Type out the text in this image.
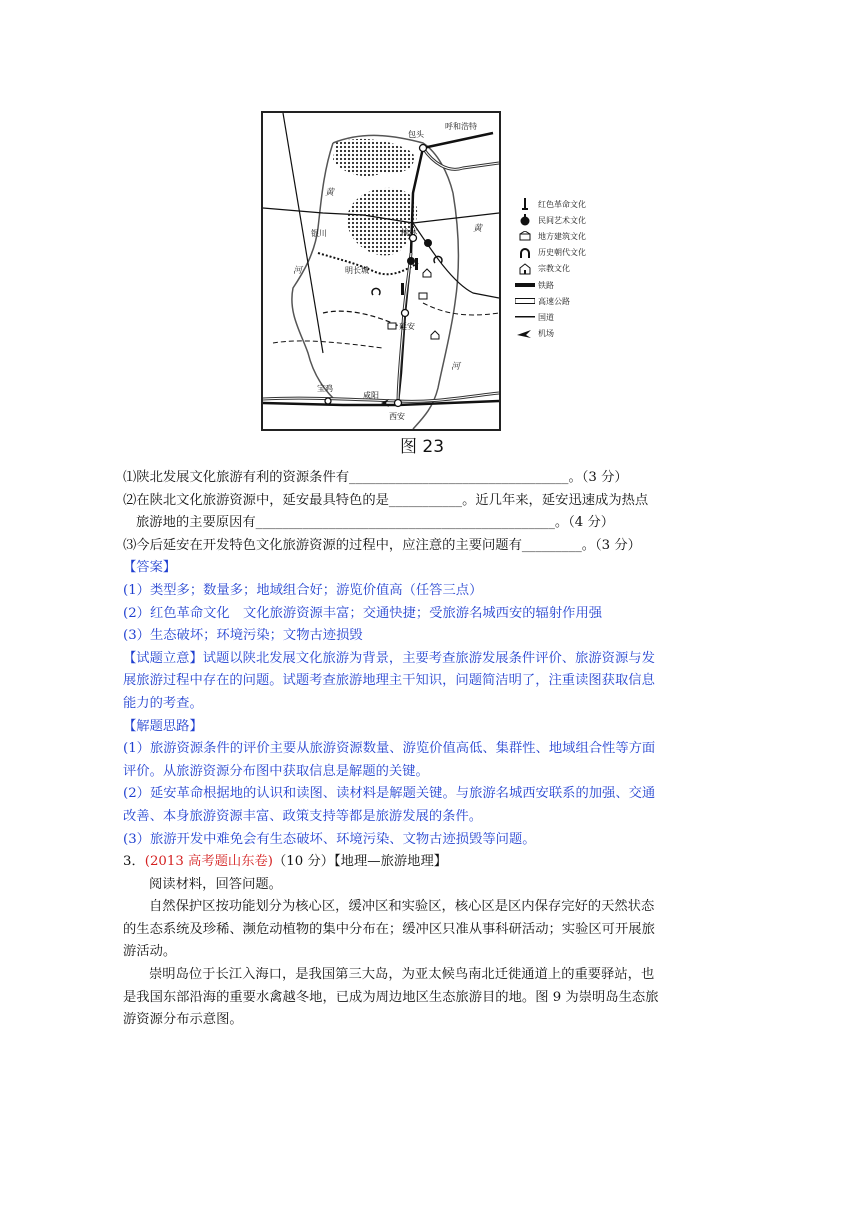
包头
呼和浩特
银川	榆林
延安
宝鸡
咸阳
西安
黄
河
黄
河
明长城
红色革命文化
民间艺术文化
地方建筑文化
历史朝代文化
宗教文化
铁路
高速公路
国道
机场
图 23
⑴陕北发展文化旅游有利的资源条件有_________________________________。（3 分）
⑵在陕北文化旅游资源中，延安最具特色的是___________。近几年来，延安迅速成为热点
旅游地的主要原因有_____________________________________________。（4 分）
⑶今后延安在开发特色文化旅游资源的过程中，应注意的主要问题有_________。（3 分）
【答案】
(1）类型多；数量多；地域组合好；游览价值高（任答三点）
(2）红色革命文化　文化旅游资源丰富；交通快捷；受旅游名城西安的辐射作用强
(3）生态破坏；环境污染；文物古迹损毁
【试题立意】试题以陕北发展文化旅游为背景，主要考查旅游发展条件评价、旅游资源与发
展旅游过程中存在的问题。试题考查旅游地理主干知识，问题简洁明了，注重读图获取信息
能力的考查。
【解题思路】
(1）旅游资源条件的评价主要从旅游资源数量、游览价值高低、集群性、地域组合性等方面
评价。从旅游资源分布图中获取信息是解题的关键。
(2）延安革命根据地的认识和读图、读材料是解题关键。与旅游名城西安联系的加强、交通
改善、本身旅游资源丰富、政策支持等都是旅游发展的条件。
(3）旅游开发中难免会有生态破坏、环境污染、文物古迹损毁等问题。
3．(2013 高考题山东卷)（10 分）【地理—旅游地理】
阅读材料，回答问题。
自然保护区按功能划分为核心区，缓冲区和实验区，核心区是区内保存完好的天然状态
的生态系统及珍稀、濒危动植物的集中分布在；缓冲区只准从事科研活动；实验区可开展旅
游活动。
崇明岛位于长江入海口，是我国第三大岛，为亚太候鸟南北迁徙通道上的重要驿站，也
是我国东部沿海的重要水禽越冬地，已成为周边地区生态旅游目的地。图 9 为崇明岛生态旅
游资源分布示意图。
